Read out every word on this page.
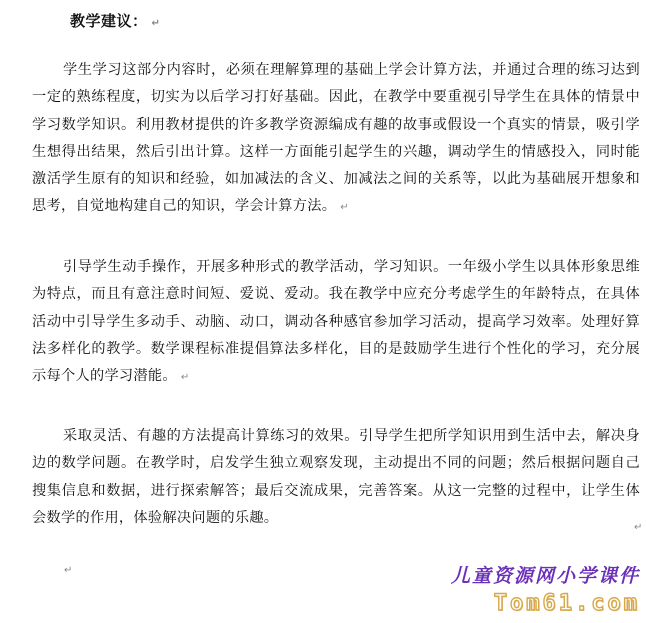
教学建议： ↵
学生学习这部分内容时，必须在理解算理的基础上学会计算方法，并通过合理的练习达到一定的熟练程度，切实为以后学习打好基础。因此，在教学中要重视引导学生在具体的情景中学习数学知识。利用教材提供的许多教学资源编成有趣的故事或假设一个真实的情景，吸引学生想得出结果，然后引出计算。这样一方面能引起学生的兴趣，调动学生的情感投入，同时能激活学生原有的知识和经验，如加减法的含义、加减法之间的关系等，以此为基础展开想象和思考，自觉地构建自己的知识，学会计算方法。 ↵
引导学生动手操作，开展多种形式的教学活动，学习知识。一年级小学生以具体形象思维为特点，而且有意注意时间短、爱说、爱动。我在教学中应充分考虑学生的年龄特点，在具体活动中引导学生多动手、动脑、动口，调动各种感官参加学习活动，提高学习效率。处理好算法多样化的教学。数学课程标准提倡算法多样化，目的是鼓励学生进行个性化的学习，充分展示每个人的学习潜能。 ↵
采取灵活、有趣的方法提高计算练习的效果。引导学生把所学知识用到生活中去，解决身边的数学问题。在教学时，启发学生独立观察发现，主动提出不同的问题；然后根据问题自己搜集信息和数据，进行探索解答；最后交流成果，完善答案。从这一完整的过程中，让学生体会数学的作用，体验解决问题的乐趣。
↵
↵	儿童资源网小学课件
Tom61.com
